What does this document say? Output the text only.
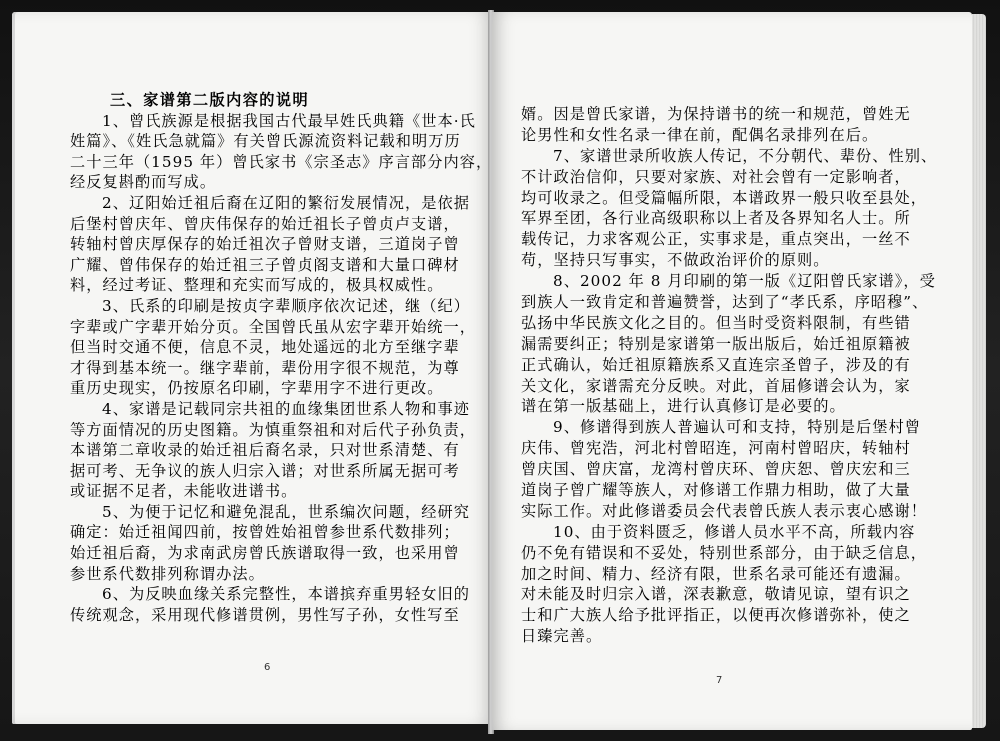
三、家谱第二版内容的说明
1、曾氏族源是根据我国古代最早姓氏典籍《世本·氏
姓篇》、《姓氏急就篇》有关曾氏源流资料记载和明万历
二十三年（1595 年）曾氏家书《宗圣志》序言部分内容，
经反复斟酌而写成。
2、辽阳始迁祖后裔在辽阳的繁衍发展情况，是依据
后堡村曾庆年、曾庆伟保存的始迁祖长子曾贞卢支谱，
转轴村曾庆厚保存的始迁祖次子曾财支谱，三道岗子曾
广耀、曾伟保存的始迁祖三子曾贞阁支谱和大量口碑材
料，经过考证、整理和充实而写成的，极具权威性。
3、氏系的印刷是按贞字辈顺序依次记述，继（纪）
字辈或广字辈开始分页。全国曾氏虽从宏字辈开始统一，
但当时交通不便，信息不灵，地处遥远的北方至继字辈
才得到基本统一。继字辈前，辈份用字很不规范，为尊
重历史现实，仍按原名印刷，字辈用字不进行更改。
4、家谱是记载同宗共祖的血缘集团世系人物和事迹
等方面情况的历史图籍。为慎重祭祖和对后代子孙负责，
本谱第二章收录的始迁祖后裔名录，只对世系清楚、有
据可考、无争议的族人归宗入谱；对世系所属无据可考
或证据不足者，未能收进谱书。
5、为便于记忆和避免混乱，世系编次问题，经研究
确定：始迁祖闻四前，按曾姓始祖曾参世系代数排列；
始迁祖后裔，为求南武房曾氏族谱取得一致，也采用曾
参世系代数排列称谓办法。
6、为反映血缘关系完整性，本谱摈弃重男轻女旧的
传统观念，采用现代修谱贯例，男性写子孙，女性写至
婿。因是曾氏家谱，为保持谱书的统一和规范，曾姓无
论男性和女性名录一律在前，配偶名录排列在后。
7、家谱世录所收族人传记，不分朝代、辈份、性别、
不计政治信仰，只要对家族、对社会曾有一定影响者，
均可收录之。但受篇幅所限，本谱政界一般只收至县处，
军界至团，各行业高级职称以上者及各界知名人士。所
载传记，力求客观公正，实事求是，重点突出，一丝不
苟，坚持只写事实，不做政治评价的原则。
8、2002 年 8 月印刷的第一版《辽阳曾氏家谱》，受
到族人一致肯定和普遍赞誉，达到了“孝氏系，序昭穆”、
弘扬中华民族文化之目的。但当时受资料限制，有些错
漏需要纠正；特别是家谱第一版出版后，始迁祖原籍被
正式确认，始迁祖原籍族系又直连宗圣曾子，涉及的有
关文化，家谱需充分反映。对此，首届修谱会认为，家
谱在第一版基础上，进行认真修订是必要的。
9、修谱得到族人普遍认可和支持，特别是后堡村曾
庆伟、曾宪浩，河北村曾昭连，河南村曾昭庆，转轴村
曾庆国、曾庆富，龙湾村曾庆环、曾庆恕、曾庆宏和三
道岗子曾广耀等族人，对修谱工作鼎力相助，做了大量
实际工作。对此修谱委员会代表曾氏族人表示衷心感谢！
10、由于资料匮乏，修谱人员水平不高，所载内容
仍不免有错误和不妥处，特别世系部分，由于缺乏信息，
加之时间、精力、经济有限，世系名录可能还有遗漏。
对未能及时归宗入谱，深表歉意，敬请见谅，望有识之
士和广大族人给予批评指正，以便再次修谱弥补，使之
日臻完善。
6
7
